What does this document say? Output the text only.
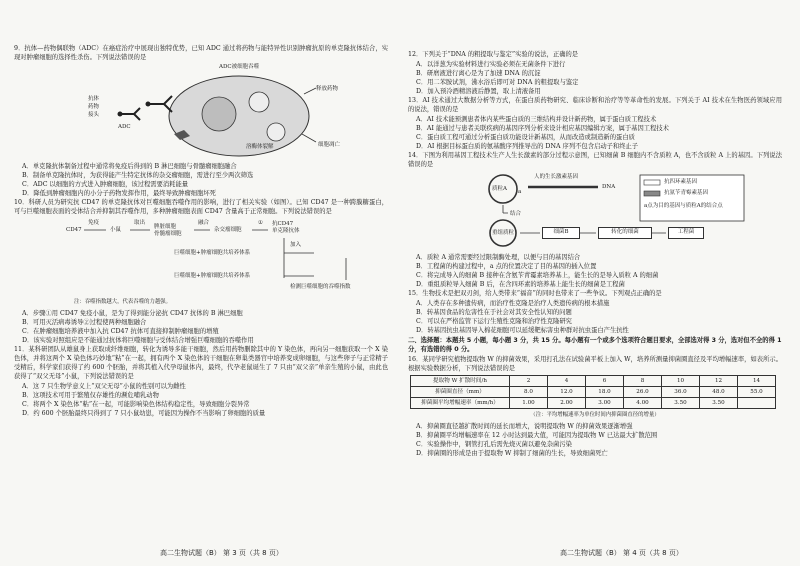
9．抗体—药物偶联物（ADC）在癌症治疗中展现出独特优势，已知 ADC 通过将药物与能特异性识别肿瘤抗原的单克隆抗体结合，实现对肿瘤细胞的选择性杀伤。下列说法错误的是
ADC被细胞吞噬
抗体
药物
接头
ADC
释放药物
细胞凋亡
溶酶体裂解
A．单克隆抗体制备过程中通常将免疫后得到的 B 淋巴细胞与骨髓瘤细胞融合
B．制备单克隆抗体时，为获得能产生特定抗体的杂交瘤细胞，需进行至少两次筛选
C．ADC 以细胞的方式进入肿瘤细胞，该过程需要消耗能量
D．降低到肿瘤细胞内的小分子药物发挥作用，最终导致肿瘤细胞坏死
10．科研人员为研究抗 CD47 的单克隆抗体对巨噬细胞吞噬作用的影响，进行了相关实验（如图）。已知 CD47 是一种跨膜糖蛋白，可与巨噬细胞表面的受体结合并抑制其吞噬作用，多种肿瘤细胞表面 CD47 含量高于正常细胞。下列说法错误的是
CD47
免疫
小鼠
取出
脾脏细胞
骨髓瘤细胞
融合
杂交瘤细胞
① 抗CD47
单克隆抗体
加入
巨噬细胞+肿瘤细胞共培养体系
巨噬细胞+肿瘤细胞共培养体系
检测巨噬细胞的吞噬指数
注：吞噬指数越大，代表吞噬的力越强。
A．步骤①用 CD47 免疫小鼠，是为了得到能分泌抗 CD47 抗体的 B 淋巴细胞
B．可用灭活病毒诱导②过程使两种细胞融合
C．在肿瘤细胞培养液中加入抗 CD47 抗体可直接抑制肿瘤细胞的增殖
D．该实验对照组应是不能通过抗体将巨噬细胞与受体结合增强巨噬细胞的吞噬作用
11．某科研团队从雄鼠身上获取成纤维细胞，转化为诱导多能干细胞，然后用药物删除其中的 Y 染色体，再向另一细胞获取一个 X 染色体，并将这两个 X 染色体巧妙地“粘”在一起，拥有两个 X 染色体的干细胞在卵巢类器官中培养变成卵细胞，与这些卵子与正常精子受精后，科学家们获得了约 600 个胚胎，并将其植入代孕母鼠体内，最终，代孕老鼠诞生了 7 只由“双父亲”单亲生殖的小鼠，由此也获得了“双父无母”小鼠，下列说法错误的是
A．这 7 只生物学意义上“双父无母”小鼠的性别可以为雌性
B．这项技术可用于繁殖仅存雄性的濒危哺乳动物
C．将两个 X 染色体“粘”在一起，可能影响染色体结构稳定性，导致细胞分裂异常
D．约 600 个胚胎最终只得到了 7 只小鼠幼崽，可能因为操作不当影响了卵细胞的质量
12．下列关于“DNA 的粗提取与鉴定”实验的说法，正确的是
A．以洋葱为实验材料进行实验必须在无菌条件下进行
B．研磨液进行离心是为了加速 DNA 的沉淀
C．用二苯胺试剂，沸水浴后即可对 DNA 的粗提取与鉴定
D．加入预冷酒精溶液后静置，取上清液备用
13．AI 技术通过大数据分析等方式，在蛋白质药物研究、临床诊断和治疗等等革命性的发展。下列关于 AI 技术在生物医药领域应用的说法，错误的是
A．AI 技术能预测患者体内某些蛋白质的三维结构并设计新药物，属于蛋白质工程技术
B．AI 能通过与患者关联疾病的基因序列分析来设计相应基因编辑方案，属于基因工程技术
C．蛋白质工程可通过分析蛋白质功能设计新基因，从而改造或制造新的蛋白质
D．AI 根据目标蛋白质的氨基酸序列推导出的 DNA 序列不包含启动子和终止子
14．下图为利用基因工程技术生产人生长激素的部分过程示意图，已知细菌 B 细胞内不含质粒 A，也不含质粒 A 上的基因。下列说法错误的是
质粒A
人的生长激素基因
DNA
a
抗四环素基因
抗氨苄青霉素基因
a点为目的基因与质粒A的结合点
结合
重组质粒	细菌B	转化的细菌	工程菌
A．质粒 A 通常需要经过限制酶处理，以便与目的基因结合
B．工程菌的构建过程中，a 点的位置决定了目的基因的插入位置
C．将完成导入的细菌 B 接种在含氨苄青霉素培养基上，能生长的是导入质粒 A 的细菌
D．重组质粒导入细菌 B 后，在含四环素的培养基上能生长的细菌是工程菌
15．生物技术是把双刃剑，给人类带来“福音”的同时也带来了一些争议。下列观点正确的是
A．人类存在多种遗传病，而治疗性克隆是治疗人类遗传病的根本措施
B．转基因食品的危害性在于社会对其安全性认知的问题
C．可以在严格监管下运行生殖性克隆和治疗性克隆研究
D．转基因抗虫基因导入棉花细胞可以延缓靶标害虫种群对抗虫蛋白产生抗性
二、选择题：本题共 5 小题，每小题 3 分，共 15 分。每小题有一个或多个选项符合题目要求，全部选对得 3 分，选对但不全的得 1 分，有选错的得 0 分。
16．某同学研究植物提取物 W 的抑菌效果，采用打孔法在试验菌平板上加入 W，培养所测量抑菌圈直径及平均增幅速率，如表所示。根据实验数据分析，下列说法错误的是
提取物 W 扩散时间/h	2	4	6	8	10	12	14
抑菌圈直径（mm）	8.0	12.0	18.0	26.0	36.0	48.0	55.0
抑菌圈平均增幅速率（mm/h）	1.00	2.00	3.00	4.00	3.50	3.50	
（注：平均增幅速率为单位时间内抑菌圈直径的增量）
A．抑菌圈直径越扩散时间的延长而增大，说明提取物 W 的抑菌效果逐渐增强
B．抑菌圈平均增幅速率在 12 小时达到最大值，可能因为提取物 W 已达最大扩散范围
C．实验操作中，钢管打孔后需先烧灭菌以避免杂菌污染
D．抑菌圈的形成是由于提取物 W 抑制了细菌的生长，导致细菌死亡
高二生物试题（B） 第 3 页（共 8 页）	高二生物试题（B） 第 4 页（共 8 页）
